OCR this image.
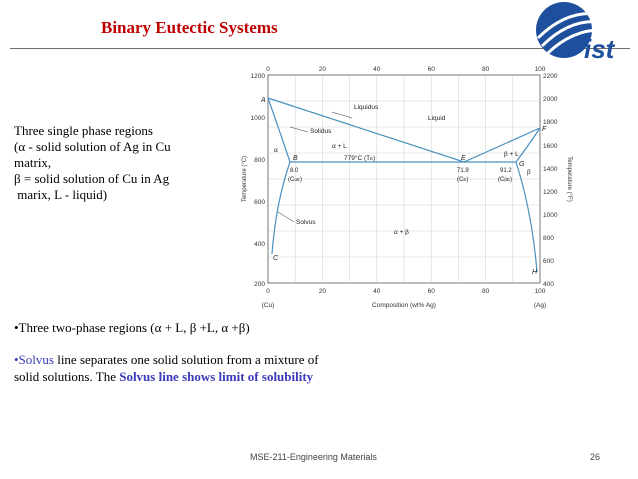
Binary Eutectic Systems
ist
Three single phase regions
(α - solid solution of Ag in Cu
matrix,
β = solid solution of Cu in Ag
marix, L - liquid)
0	20	40	60	80	100
0	20	40	60	80	100
(Cu)	(Ag)
Composition (wt% Ag)
1200
1000
800
600
400
200
Temperature (°C)
2200
2000
1800
1600
1400
1200
1000
800
600
400
Temperature (°F)
Liquidus
Liquid
Solidus
Solvus
α + L
β + L
α
β
α + β
779°C (TE)
A
B
C
E
F
G
H
8.0
(CαE)
71.9
(CE)
91.2
(CβE)
•Three two-phase regions (α + L, β +L, α +β)
•Solvus line separates one solid solution from a mixture of
solid solutions. The Solvus line shows limit of solubility
MSE-211-Engineering Materials	26
